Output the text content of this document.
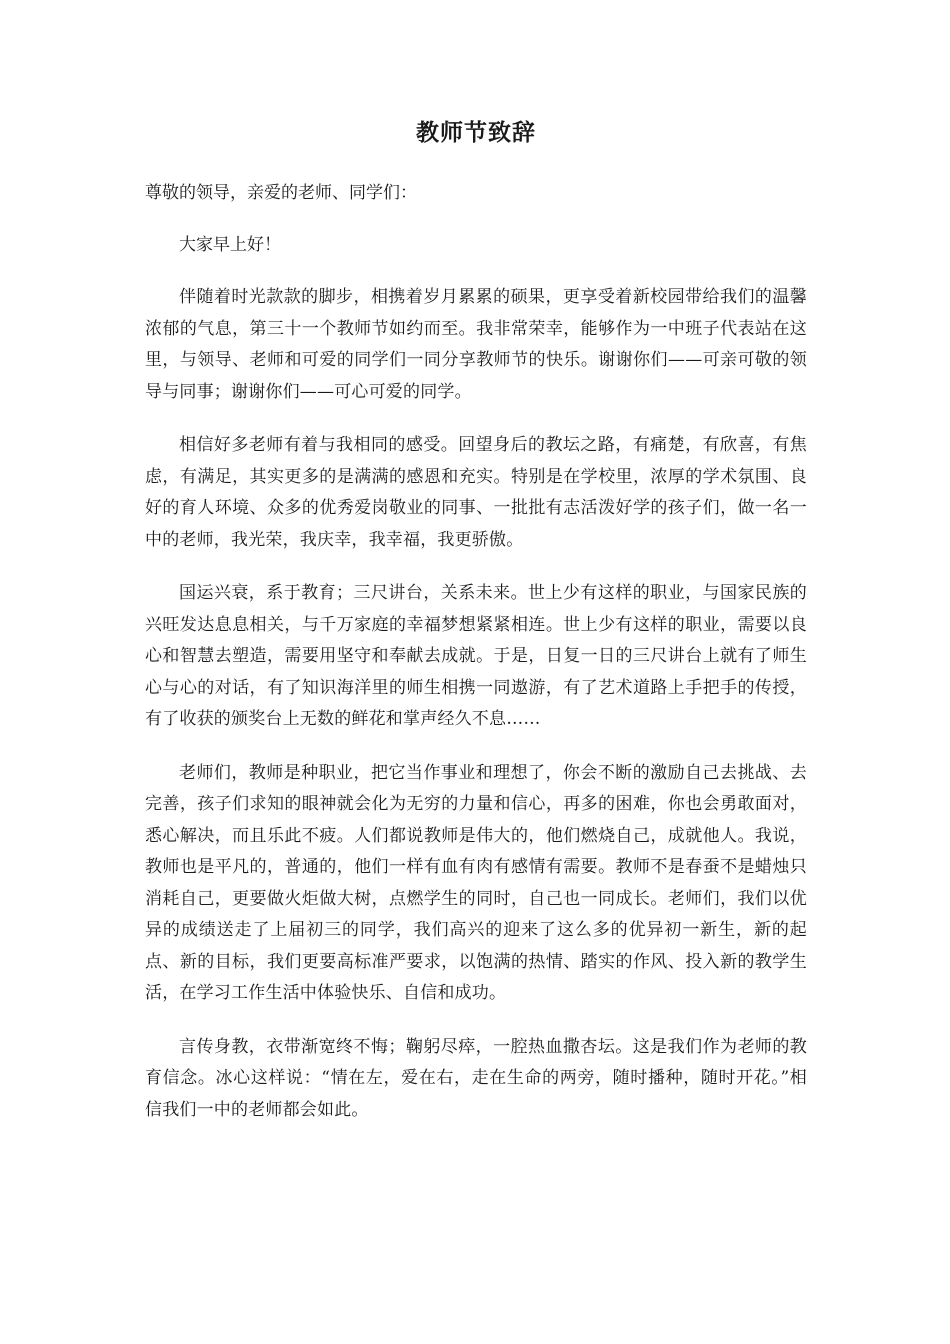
教师节致辞

尊敬的领导，亲爱的老师、同学们：

大家早上好！

伴随着时光款款的脚步，相携着岁月累累的硕果，更享受着新校园带给我们的温馨浓郁的气息，第三十一个教师节如约而至。我非常荣幸，能够作为一中班子代表站在这里，与领导、老师和可爱的同学们一同分享教师节的快乐。谢谢你们——可亲可敬的领导与同事；谢谢你们——可心可爱的同学。

相信好多老师有着与我相同的感受。回望身后的教坛之路，有痛楚，有欣喜，有焦虑，有满足，其实更多的是满满的感恩和充实。特别是在学校里，浓厚的学术氛围、良好的育人环境、众多的优秀爱岗敬业的同事、一批批有志活泼好学的孩子们，做一名一中的老师，我光荣，我庆幸，我幸福，我更骄傲。

国运兴衰，系于教育；三尺讲台，关系未来。世上少有这样的职业，与国家民族的兴旺发达息息相关，与千万家庭的幸福梦想紧紧相连。世上少有这样的职业，需要以良心和智慧去塑造，需要用坚守和奉献去成就。于是，日复一日的三尺讲台上就有了师生心与心的对话，有了知识海洋里的师生相携一同遨游，有了艺术道路上手把手的传授，有了收获的颁奖台上无数的鲜花和掌声经久不息……

老师们，教师是种职业，把它当作事业和理想了，你会不断的激励自己去挑战、去完善，孩子们求知的眼神就会化为无穷的力量和信心，再多的困难，你也会勇敢面对，悉心解决，而且乐此不疲。人们都说教师是伟大的，他们燃烧自己，成就他人。我说，教师也是平凡的，普通的，他们一样有血有肉有感情有需要。教师不是春蚕不是蜡烛只消耗自己，更要做火炬做大树，点燃学生的同时，自己也一同成长。老师们，我们以优异的成绩送走了上届初三的同学，我们高兴的迎来了这么多的优异初一新生，新的起点、新的目标，我们更要高标准严要求，以饱满的热情、踏实的作风、投入新的教学生活，在学习工作生活中体验快乐、自信和成功。

言传身教，衣带渐宽终不悔；鞠躬尽瘁，一腔热血撒杏坛。这是我们作为老师的教育信念。冰心这样说：“情在左，爱在右，走在生命的两旁，随时播种，随时开花。”相信我们一中的老师都会如此。
